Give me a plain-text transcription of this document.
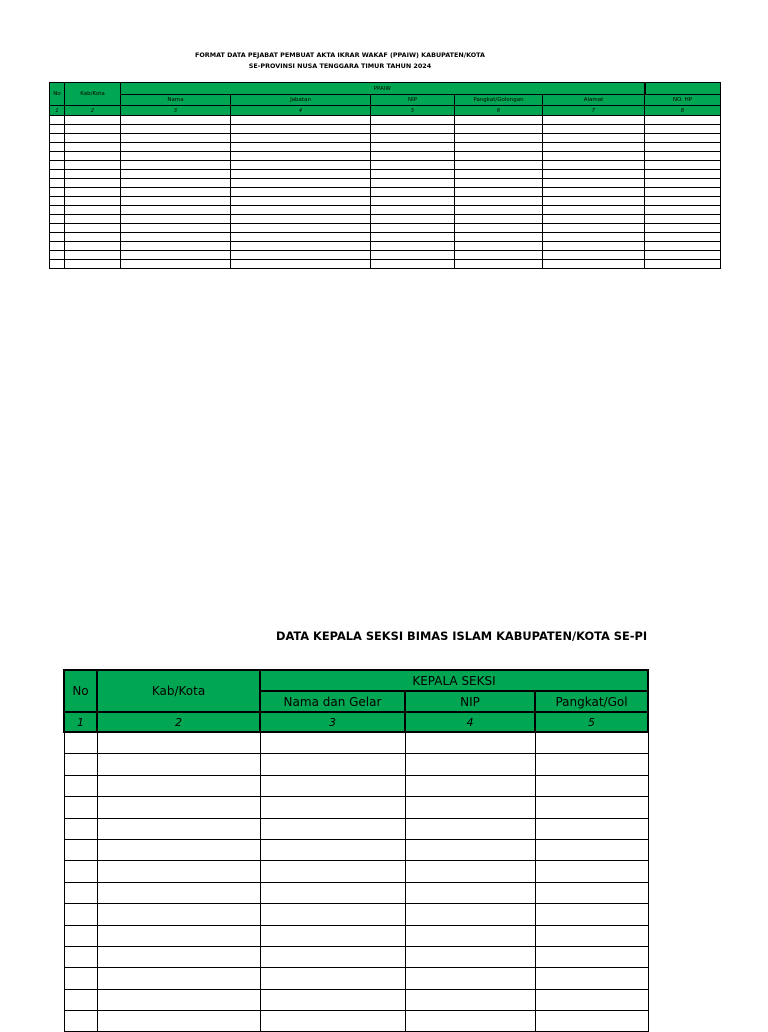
FORMAT DATA PEJABAT PEMBUAT AKTA IKRAR WAKAF (PPAIW) KABUPATEN/KOTA
SE-PROVINSI NUSA TENGGARA TIMUR TAHUN 2024
No	Kab/Kota	PPAIW					
		Nama	Jabatan	NIP	Pangkat/Golongan	Alamat	NO. HP
1	2	3	4	5	6	7	8

DATA KEPALA SEKSI BIMAS ISLAM KABUPATEN/KOTA SE-PI
No	Kab/Kota	KEPALA SEKSI		
		Nama dan Gelar	NIP	Pangkat/Gol
1	2	3	4	5
